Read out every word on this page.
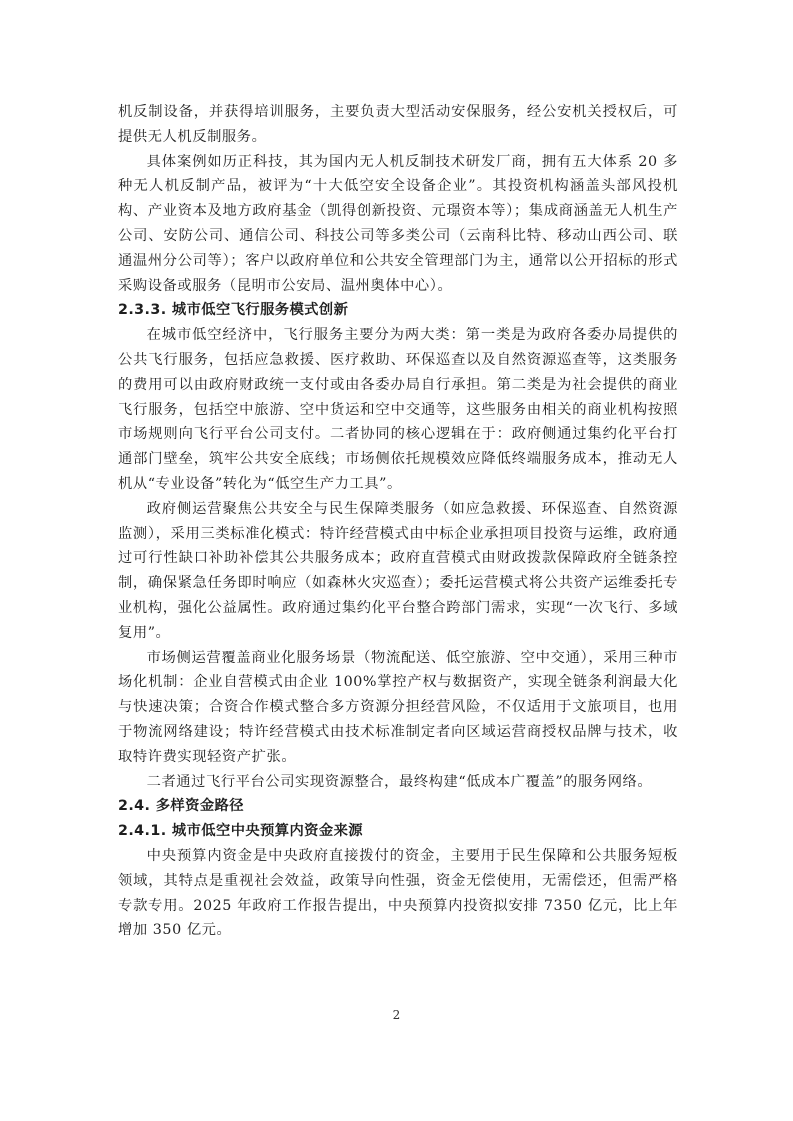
机反制设备，并获得培训服务，主要负责大型活动安保服务，经公安机关授权后，可提供无人机反制服务。

具体案例如历正科技，其为国内无人机反制技术研发厂商，拥有五大体系 20 多种无人机反制产品，被评为“十大低空安全设备企业”。其投资机构涵盖头部风投机构、产业资本及地方政府基金（凯得创新投资、元璟资本等）；集成商涵盖无人机生产公司、安防公司、通信公司、科技公司等多类公司（云南科比特、移动山西公司、联通温州分公司等）；客户以政府单位和公共安全管理部门为主，通常以公开招标的形式采购设备或服务（昆明市公安局、温州奥体中心）。

2.3.3. 城市低空飞行服务模式创新

在城市低空经济中，飞行服务主要分为两大类：第一类是为政府各委办局提供的公共飞行服务，包括应急救援、医疗救助、环保巡查以及自然资源巡查等，这类服务的费用可以由政府财政统一支付或由各委办局自行承担。第二类是为社会提供的商业飞行服务，包括空中旅游、空中货运和空中交通等，这些服务由相关的商业机构按照市场规则向飞行平台公司支付。二者协同的核心逻辑在于：政府侧通过集约化平台打通部门壁垒，筑牢公共安全底线；市场侧依托规模效应降低终端服务成本，推动无人机从“专业设备”转化为“低空生产力工具”。

政府侧运营聚焦公共安全与民生保障类服务（如应急救援、环保巡查、自然资源监测），采用三类标准化模式：特许经营模式由中标企业承担项目投资与运维，政府通过可行性缺口补助补偿其公共服务成本；政府直营模式由财政拨款保障政府全链条控制，确保紧急任务即时响应（如森林火灾巡查）；委托运营模式将公共资产运维委托专业机构，强化公益属性。政府通过集约化平台整合跨部门需求，实现“一次飞行、多域复用”。

市场侧运营覆盖商业化服务场景（物流配送、低空旅游、空中交通），采用三种市场化机制：企业自营模式由企业 100%掌控产权与数据资产，实现全链条利润最大化与快速决策；合资合作模式整合多方资源分担经营风险，不仅适用于文旅项目，也用于物流网络建设；特许经营模式由技术标准制定者向区域运营商授权品牌与技术，收取特许费实现轻资产扩张。

二者通过飞行平台公司实现资源整合，最终构建“低成本广覆盖”的服务网络。

2.4. 多样资金路径
2.4.1. 城市低空中央预算内资金来源

中央预算内资金是中央政府直接拨付的资金，主要用于民生保障和公共服务短板领域，其特点是重视社会效益，政策导向性强，资金无偿使用，无需偿还，但需严格专款专用。2025 年政府工作报告提出，中央预算内投资拟安排 7350 亿元，比上年增加 350 亿元。

2
